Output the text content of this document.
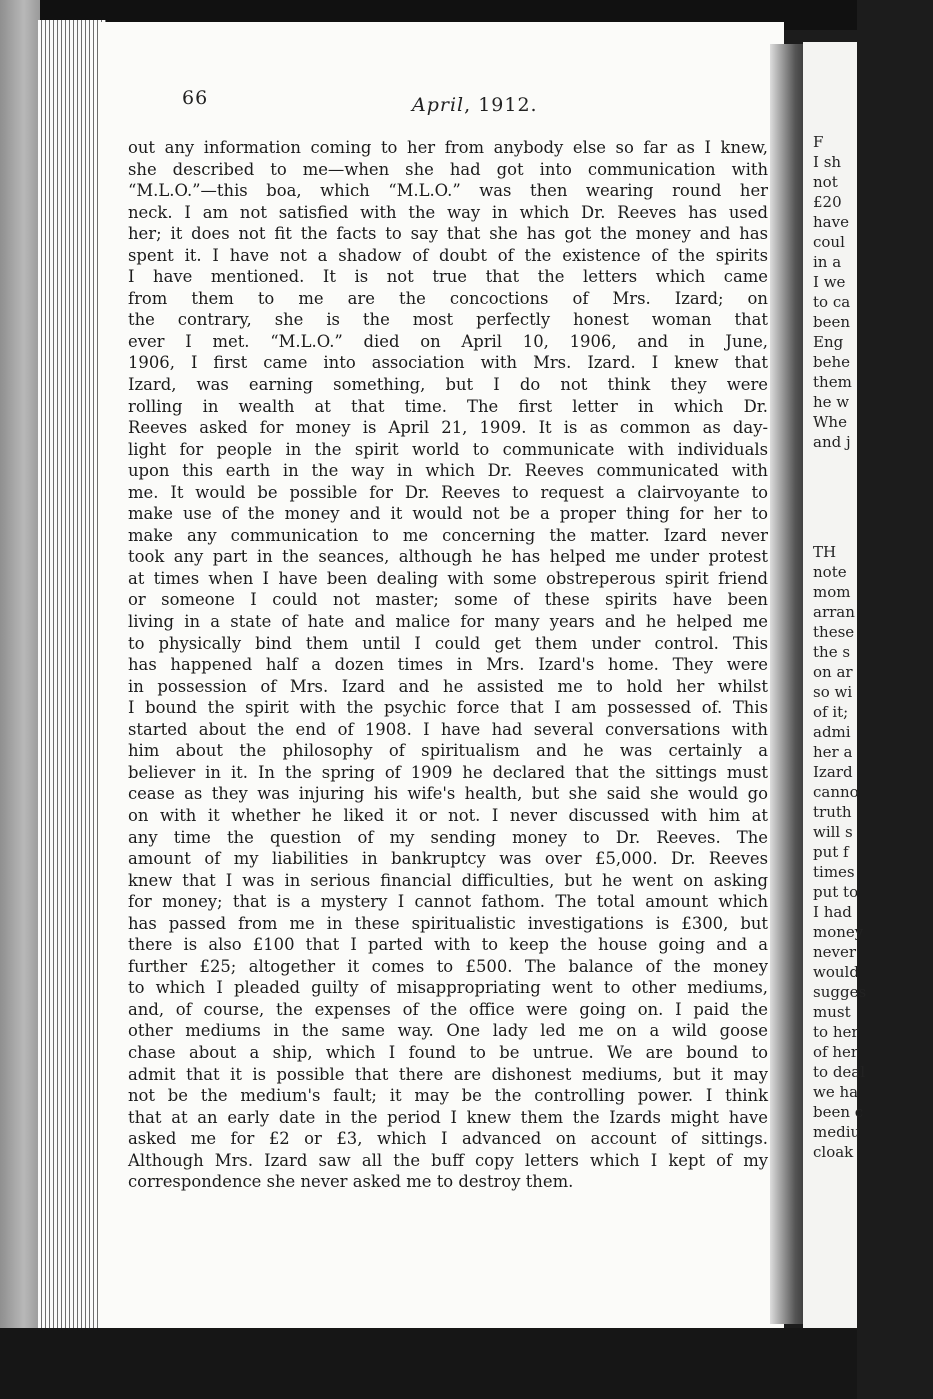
F
I sh
not
£20
have
coul
in a
I we
to ca
been
Eng
behe
them
he w
Whe
and j
TH
note
mom
arran
these
the s
on ar
so wi
of it;
admi
her a
Izard
canno
truth
will s
put f
times
put to
I had
money
never
would
sugges
must
to her
of her
to deal
we ha
been c
mediu
cloak
66	April, 1912.
out any information coming to her from anybody else so far as I knew,
she described to me—when she had got into communication with
“M.L.O.”—this boa, which “M.L.O.” was then wearing round her
neck. I am not satisfied with the way in which Dr. Reeves has used
her; it does not fit the facts to say that she has got the money and has
spent it. I have not a shadow of doubt of the existence of the spirits
I have mentioned. It is not true that the letters which came
from them to me are the concoctions of Mrs. Izard; on
the contrary, she is the most perfectly honest woman that
ever I met. “M.L.O.” died on April 10, 1906, and in June,
1906, I first came into association with Mrs. Izard. I knew that
Izard, was earning something, but I do not think they were
rolling in wealth at that time. The first letter in which Dr.
Reeves asked for money is April 21, 1909. It is as common as day-
light for people in the spirit world to communicate with individuals
upon this earth in the way in which Dr. Reeves communicated with
me. It would be possible for Dr. Reeves to request a clairvoyante to
make use of the money and it would not be a proper thing for her to
make any communication to me concerning the matter. Izard never
took any part in the seances, although he has helped me under protest
at times when I have been dealing with some obstreperous spirit friend
or someone I could not master; some of these spirits have been
living in a state of hate and malice for many years and he helped me
to physically bind them until I could get them under control. This
has happened half a dozen times in Mrs. Izard's home. They were
in possession of Mrs. Izard and he assisted me to hold her whilst
I bound the spirit with the psychic force that I am possessed of. This
started about the end of 1908. I have had several conversations with
him about the philosophy of spiritualism and he was certainly a
believer in it. In the spring of 1909 he declared that the sittings must
cease as they was injuring his wife's health, but she said she would go
on with it whether he liked it or not. I never discussed with him at
any time the question of my sending money to Dr. Reeves. The
amount of my liabilities in bankruptcy was over £5,000. Dr. Reeves
knew that I was in serious financial difficulties, but he went on asking
for money; that is a mystery I cannot fathom. The total amount which
has passed from me in these spiritualistic investigations is £300, but
there is also £100 that I parted with to keep the house going and a
further £25; altogether it comes to £500. The balance of the money
to which I pleaded guilty of misappropriating went to other mediums,
and, of course, the expenses of the office were going on. I paid the
other mediums in the same way. One lady led me on a wild goose
chase about a ship, which I found to be untrue. We are bound to
admit that it is possible that there are dishonest mediums, but it may
not be the medium's fault; it may be the controlling power. I think
that at an early date in the period I knew them the Izards might have
asked me for £2 or £3, which I advanced on account of sittings.
Although Mrs. Izard saw all the buff copy letters which I kept of my
correspondence she never asked me to destroy them.
